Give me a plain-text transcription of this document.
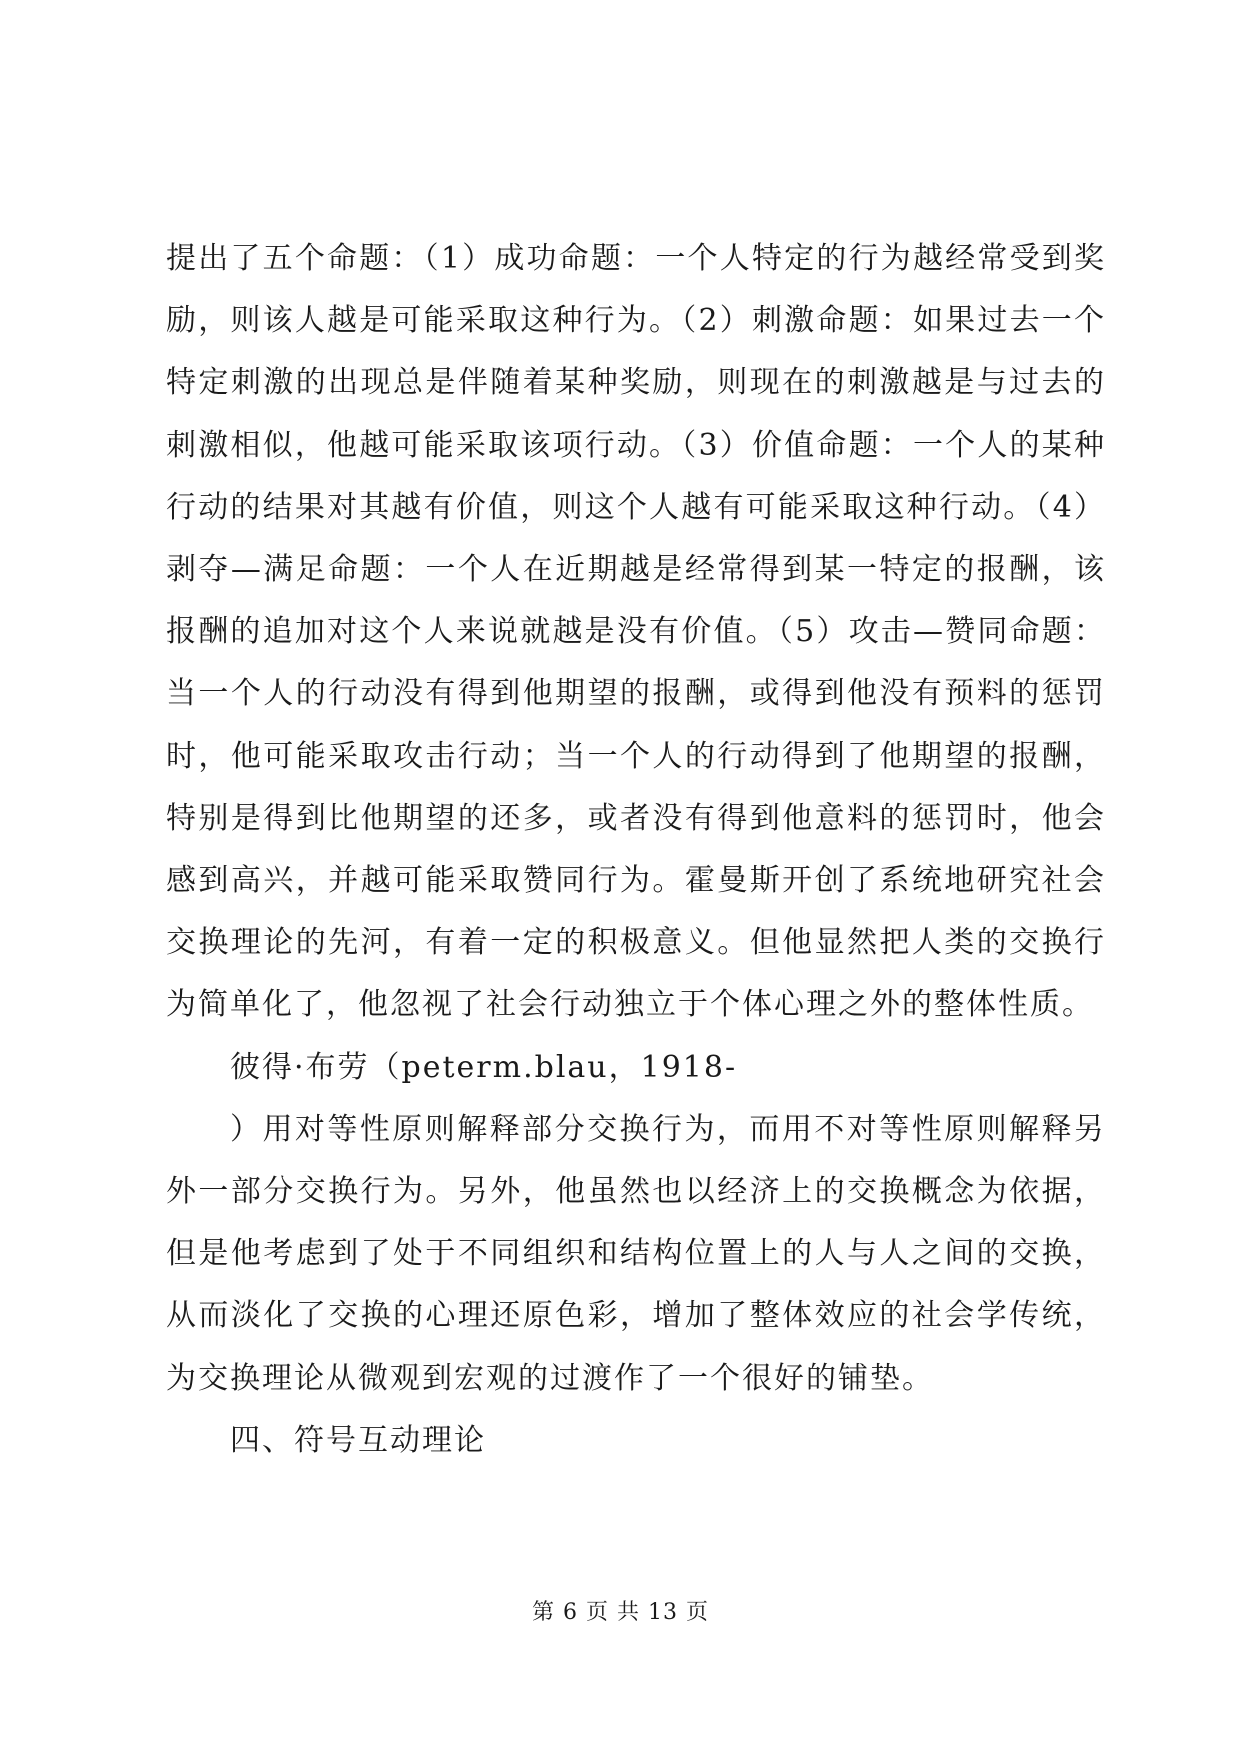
提出了五个命题：（1）成功命题：一个人特定的行为越经常受到奖励，则该人越是可能采取这种行为。（2）刺激命题：如果过去一个特定刺激的出现总是伴随着某种奖励，则现在的刺激越是与过去的刺激相似，他越可能采取该项行动。（3）价值命题：一个人的某种行动的结果对其越有价值，则这个人越有可能采取这种行动。（4）剥夺—满足命题：一个人在近期越是经常得到某一特定的报酬，该报酬的追加对这个人来说就越是没有价值。（5）攻击—赞同命题：当一个人的行动没有得到他期望的报酬，或得到他没有预料的惩罚时，他可能采取攻击行动；当一个人的行动得到了他期望的报酬，特别是得到比他期望的还多，或者没有得到他意料的惩罚时，他会感到高兴，并越可能采取赞同行为。霍曼斯开创了系统地研究社会交换理论的先河，有着一定的积极意义。但他显然把人类的交换行为简单化了，他忽视了社会行动独立于个体心理之外的整体性质。

彼得·布劳（peterm.blau，1918-

）用对等性原则解释部分交换行为，而用不对等性原则解释另外一部分交换行为。另外，他虽然也以经济上的交换概念为依据，但是他考虑到了处于不同组织和结构位置上的人与人之间的交换，从而淡化了交换的心理还原色彩，增加了整体效应的社会学传统，为交换理论从微观到宏观的过渡作了一个很好的铺垫。

四、符号互动理论

第 6 页 共 13 页
